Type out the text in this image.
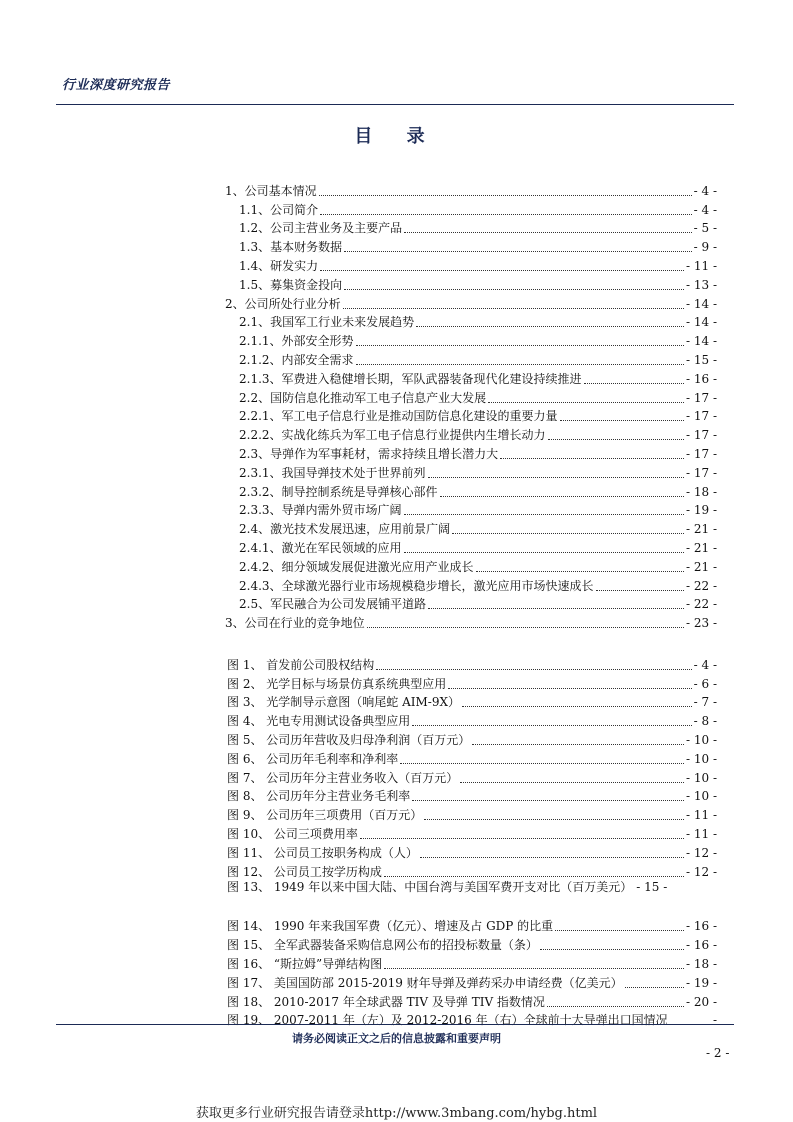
行业深度研究报告
目 录
1、公司基本情况	- 4 -
1.1、公司简介	- 4 -
1.2、公司主营业务及主要产品	- 5 -
1.3、基本财务数据	- 9 -
1.4、研发实力	- 11 -
1.5、募集资金投向	- 13 -
2、公司所处行业分析	- 14 -
2.1、我国军工行业未来发展趋势	- 14 -
2.1.1、外部安全形势	- 14 -
2.1.2、内部安全需求	- 15 -
2.1.3、军费进入稳健增长期，军队武器装备现代化建设持续推进	- 16 -
2.2、国防信息化推动军工电子信息产业大发展	- 17 -
2.2.1、军工电子信息行业是推动国防信息化建设的重要力量	- 17 -
2.2.2、实战化练兵为军工电子信息行业提供内生增长动力	- 17 -
2.3、导弹作为军事耗材，需求持续且增长潜力大	- 17 -
2.3.1、我国导弹技术处于世界前列	- 17 -
2.3.2、制导控制系统是导弹核心部件	- 18 -
2.3.3、导弹内需外贸市场广阔	- 19 -
2.4、激光技术发展迅速，应用前景广阔	- 21 -
2.4.1、激光在军民领域的应用	- 21 -
2.4.2、细分领域发展促进激光应用产业成长	- 21 -
2.4.3、全球激光器行业市场规模稳步增长，激光应用市场快速成长	- 22 -
2.5、军民融合为公司发展铺平道路	- 22 -
3、公司在行业的竞争地位	- 23 -
图 1、 首发前公司股权结构	- 4 -
图 2、 光学目标与场景仿真系统典型应用	- 6 -
图 3、 光学制导示意图（响尾蛇 AIM-9X）	- 7 -
图 4、 光电专用测试设备典型应用	- 8 -
图 5、 公司历年营收及归母净利润（百万元）	- 10 -
图 6、 公司历年毛利率和净利率	- 10 -
图 7、 公司历年分主营业务收入（百万元）	- 10 -
图 8、 公司历年分主营业务毛利率	- 10 -
图 9、 公司历年三项费用（百万元）	- 11 -
图 10、 公司三项费用率	- 11 -
图 11、 公司员工按职务构成（人）	- 12 -
图 12、 公司员工按学历构成	- 12 -
图 13、 1949 年以来中国大陆、中国台湾与美国军费开支对比（百万美元） - 15 -
图 14、 1990 年来我国军费（亿元）、增速及占 GDP 的比重	- 16 -
图 15、 全军武器装备采购信息网公布的招投标数量（条）	- 16 -
图 16、 “斯拉姆”导弹结构图	- 18 -
图 17、 美国国防部 2015-2019 财年导弹及弹药采办申请经费（亿美元）	- 19 -
图 18、 2010-2017 年全球武器 TIV 及导弹 TIV 指数情况	- 20 -
图 19、 2007-2011 年（左）及 2012-2016 年（右）全球前十大导弹出口国情况	-
请务必阅读正文之后的信息披露和重要声明
- 2 -
获取更多行业研究报告请登录http://www.3mbang.com/hybg.html
